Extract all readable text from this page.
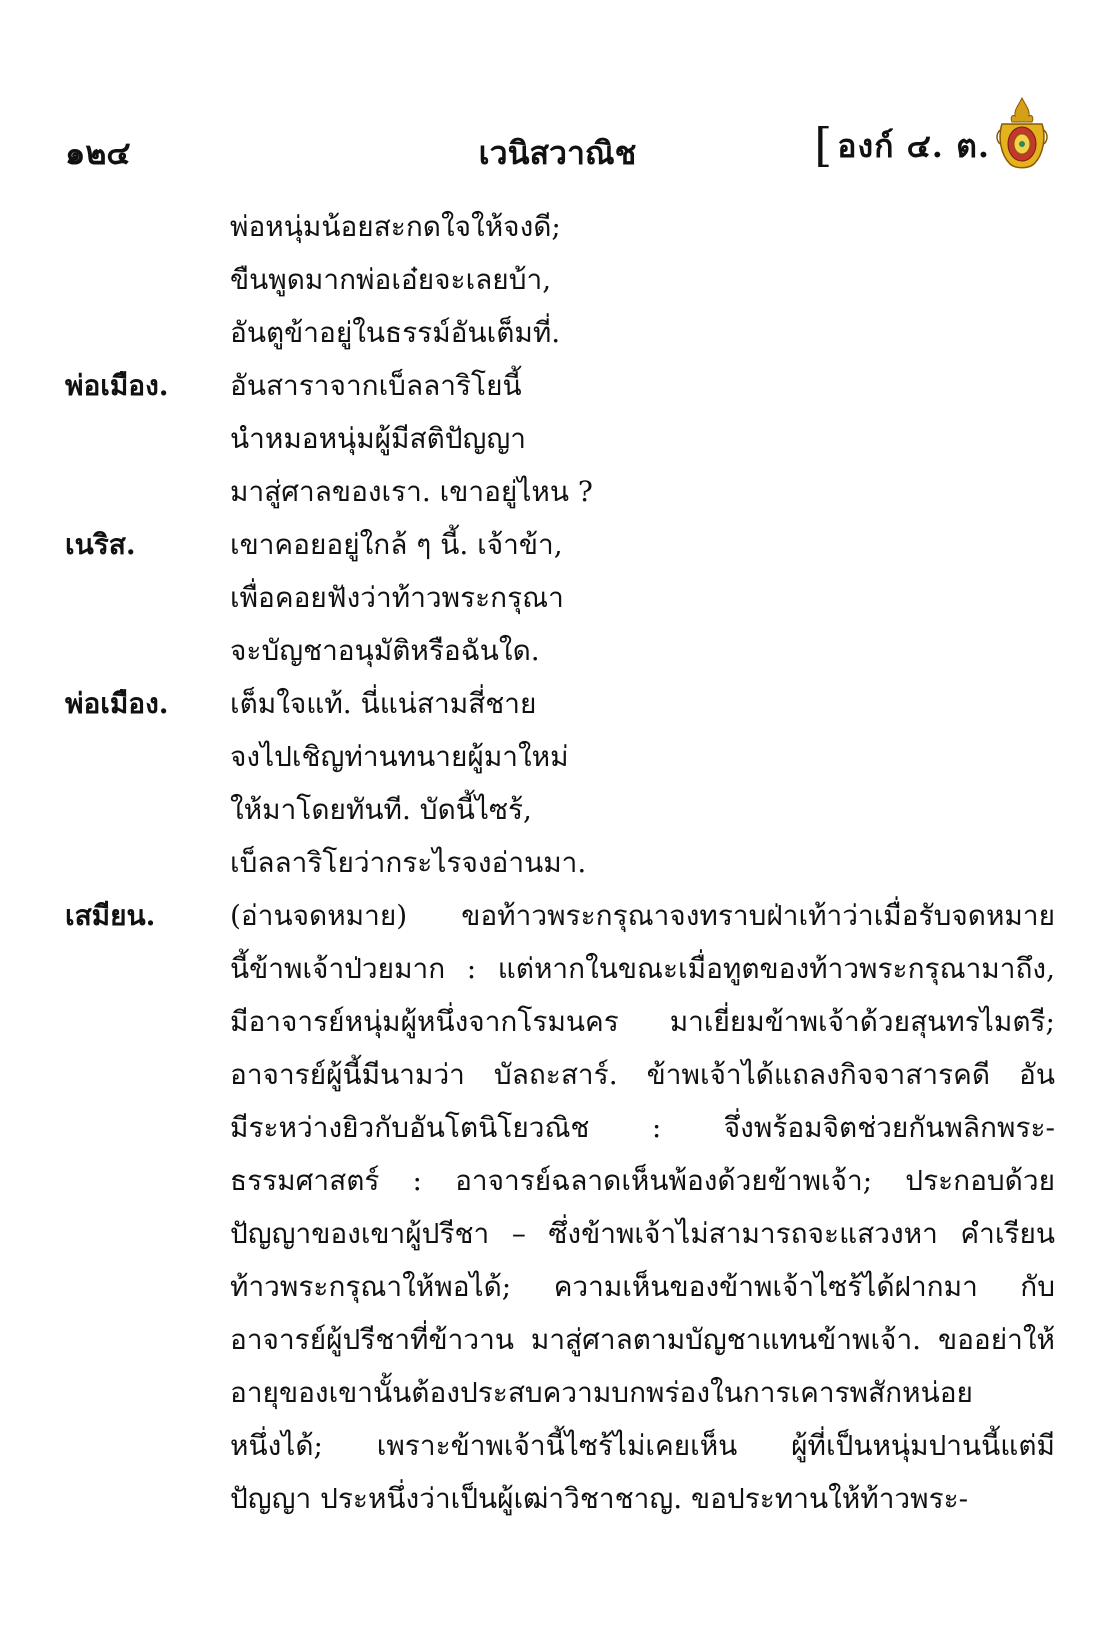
๑๒๔	เวนิสวาณิช	[ องก์ ๔. ต.
พ่อหนุ่มน้อยสะกดใจให้จงดี;
ขืนพูดมากพ่อเอ๋ยจะเลยบ้า,
อันตูข้าอยู่ในธรรม์อันเต็มที่.
พ่อเมือง. อันสาราจากเบ็ลลาริโยนี้
นำหมอหนุ่มผู้มีสติปัญญา
มาสู่ศาลของเรา. เขาอยู่ไหน ?
เนริส.	เขาคอยอยู่ใกล้ ๆ นี้. เจ้าข้า,
เพื่อคอยฟังว่าท้าวพระกรุณา
จะบัญชาอนุมัติหรือฉันใด.
พ่อเมือง. เต็มใจแท้. นี่แน่สามสี่ชาย
จงไปเชิญท่านทนายผู้มาใหม่
ให้มาโดยทันที. บัดนี้ไซร้,
เบ็ลลาริโยว่ากระไรจงอ่านมา.
เสมียน.	(อ่านจดหมาย) ขอท้าวพระกรุณาจงทราบฝ่าเท้าว่าเมื่อรับจดหมาย
นี้ข้าพเจ้าป่วยมาก : แต่หากในขณะเมื่อทูตของท้าวพระกรุณามาถึง,
มีอาจารย์หนุ่มผู้หนึ่งจากโรมนคร มาเยี่ยมข้าพเจ้าด้วยสุนทรไมตรี;
อาจารย์ผู้นี้มีนามว่า บัลถะสาร์. ข้าพเจ้าได้แถลงกิจจาสารคดี อัน
มีระหว่างยิวกับอันโตนิโยวณิช : จึ่งพร้อมจิตช่วยกันพลิกพระ-
ธรรมศาสตร์ : อาจารย์ฉลาดเห็นพ้องด้วยข้าพเจ้า; ประกอบด้วย
ปัญญาของเขาผู้ปรีชา – ซึ่งข้าพเจ้าไม่สามารถจะแสวงหา คำเรียน
ท้าวพระกรุณาให้พอได้; ความเห็นของข้าพเจ้าไซร้ได้ฝากมา กับ
อาจารย์ผู้ปรีชาที่ข้าวาน มาสู่ศาลตามบัญชาแทนข้าพเจ้า. ขออย่าให้
อายุของเขานั้นต้องประสบความบกพร่องในการเคารพสักหน่อย
หนึ่งได้; เพราะข้าพเจ้านี้ไซร้ไม่เคยเห็น ผู้ที่เป็นหนุ่มปานนี้แต่มี
ปัญญา ประหนึ่งว่าเป็นผู้เฒ่าวิชาชาญ. ขอประทานให้ท้าวพระ-
